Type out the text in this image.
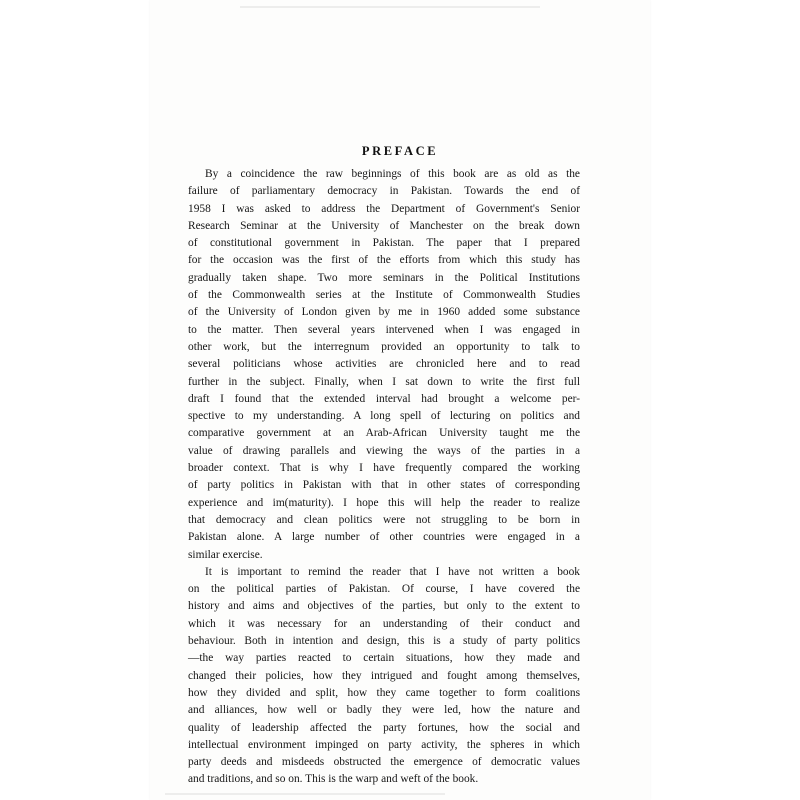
PREFACE

By a coincidence the raw beginnings of this book are as old as the
failure of parliamentary democracy in Pakistan. Towards the end of
1958 I was asked to address the Department of Government's Senior
Research Seminar at the University of Manchester on the break down
of constitutional government in Pakistan. The paper that I prepared
for the occasion was the first of the efforts from which this study has
gradually taken shape. Two more seminars in the Political Institutions
of the Commonwealth series at the Institute of Commonwealth Studies
of the University of London given by me in 1960 added some substance
to the matter. Then several years intervened when I was engaged in
other work, but the interregnum provided an opportunity to talk to
several politicians whose activities are chronicled here and to read
further in the subject. Finally, when I sat down to write the first full
draft I found that the extended interval had brought a welcome per-
spective to my understanding. A long spell of lecturing on politics and
comparative government at an Arab-African University taught me the
value of drawing parallels and viewing the ways of the parties in a
broader context. That is why I have frequently compared the working
of party politics in Pakistan with that in other states of corresponding
experience and im(maturity). I hope this will help the reader to realize
that democracy and clean politics were not struggling to be born in
Pakistan alone. A large number of other countries were engaged in a
similar exercise.

It is important to remind the reader that I have not written a book
on the political parties of Pakistan. Of course, I have covered the
history and aims and objectives of the parties, but only to the extent to
which it was necessary for an understanding of their conduct and
behaviour. Both in intention and design, this is a study of party politics
—the way parties reacted to certain situations, how they made and
changed their policies, how they intrigued and fought among themselves,
how they divided and split, how they came together to form coalitions
and alliances, how well or badly they were led, how the nature and
quality of leadership affected the party fortunes, how the social and
intellectual environment impinged on party activity, the spheres in which
party deeds and misdeeds obstructed the emergence of democratic values
and traditions, and so on. This is the warp and weft of the book.
